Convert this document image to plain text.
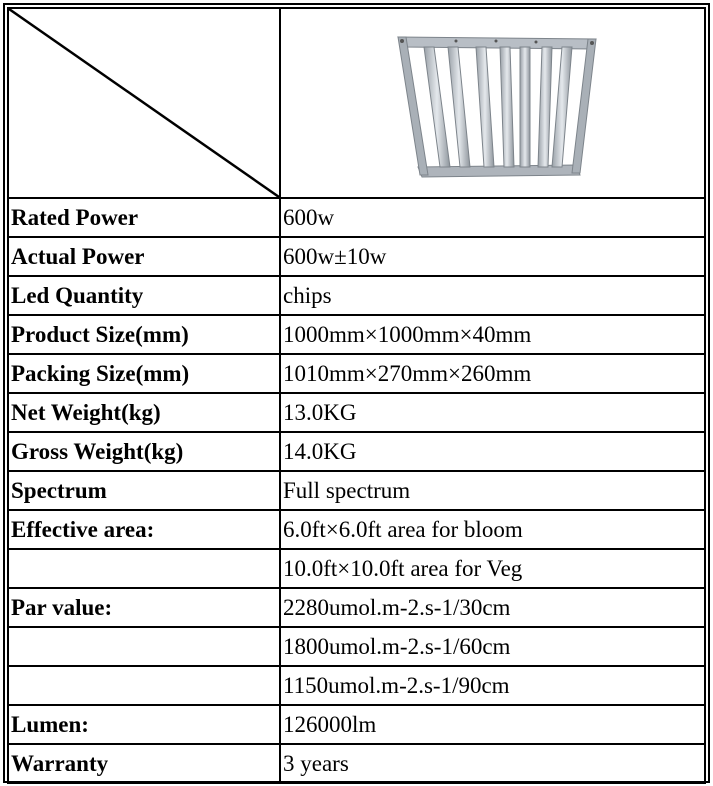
Rated Power	600w
Actual Power	600w±10w
Led Quantity	chips
Product Size(mm)	1000mm×1000mm×40mm
Packing Size(mm)	1010mm×270mm×260mm
Net Weight(kg)	13.0KG
Gross Weight(kg)	14.0KG
Spectrum	Full spectrum
Effective area:	6.0ft×6.0ft area for bloom
	10.0ft×10.0ft area for Veg
Par value:	2280umol.m-2.s-1/30cm
	1800umol.m-2.s-1/60cm
	1150umol.m-2.s-1/90cm
Lumen:	126000lm
Warranty	3 years
